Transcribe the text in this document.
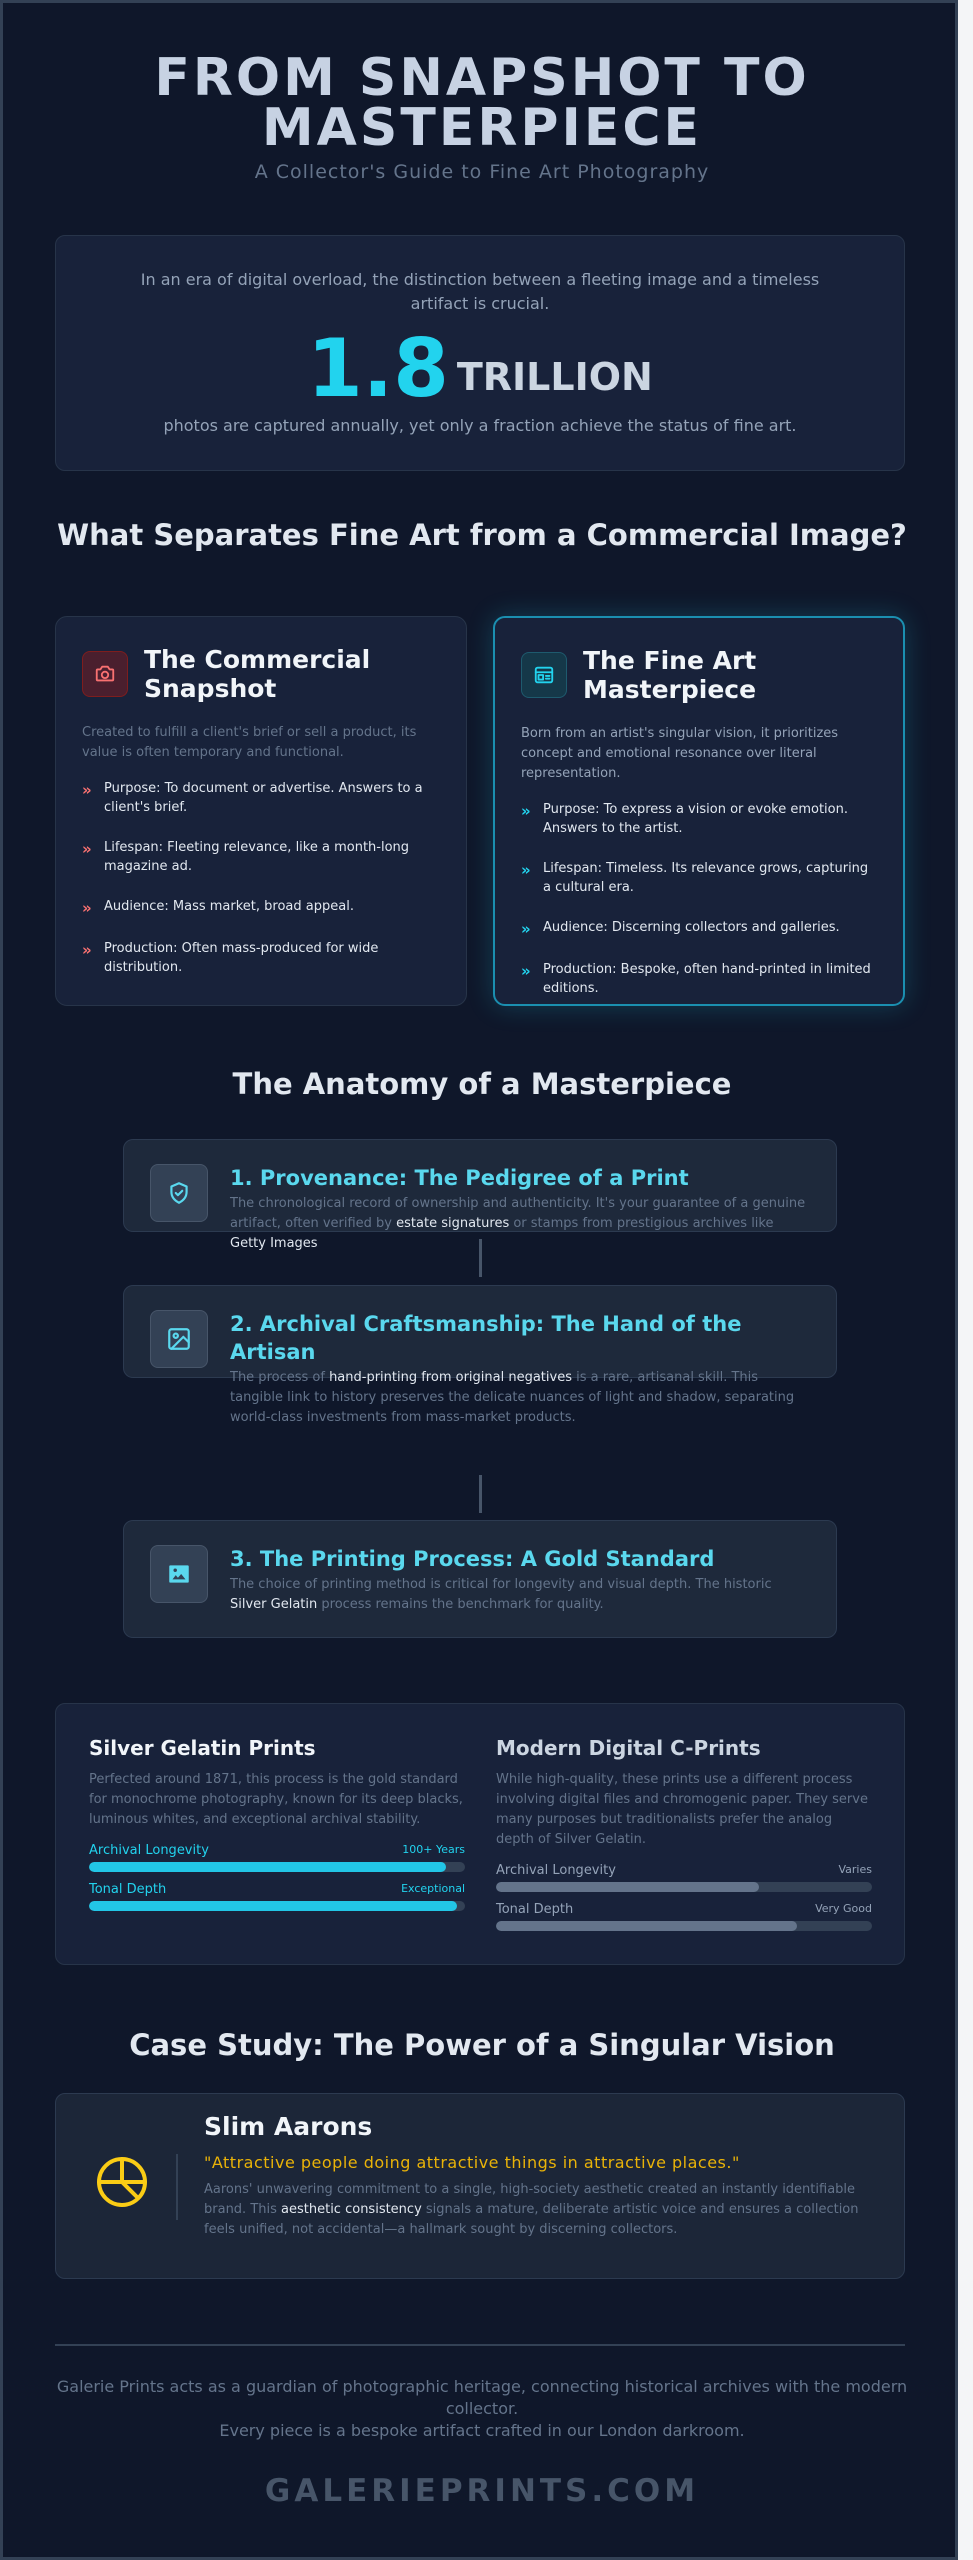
FROM SNAPSHOT TO
MASTERPIECE
A Collector's Guide to Fine Art Photography
In an era of digital overload, the distinction between a fleeting image and a timeless artifact is crucial.
1.8 TRILLION
photos are captured annually, yet only a fraction achieve the status of fine art.
What Separates Fine Art from a Commercial Image?
The Commercial Snapshot
Created to fulfill a client's brief or sell a product, its value is often temporary and functional.
» Purpose: To document or advertise. Answers to a client's brief.
» Lifespan: Fleeting relevance, like a month-long magazine ad.
» Audience: Mass market, broad appeal.
» Production: Often mass-produced for wide distribution.
The Fine Art Masterpiece
Born from an artist's singular vision, it prioritizes concept and emotional resonance over literal representation.
» Purpose: To express a vision or evoke emotion. Answers to the artist.
» Lifespan: Timeless. Its relevance grows, capturing a cultural era.
» Audience: Discerning collectors and galleries.
» Production: Bespoke, often hand-printed in limited editions.
The Anatomy of a Masterpiece
1. Provenance: The Pedigree of a Print
The chronological record of ownership and authenticity. It's your guarantee of a genuine artifact, often verified by estate signatures or stamps from prestigious archives like Getty Images
2. Archival Craftsmanship: The Hand of the Artisan
The process of hand-printing from original negatives is a rare, artisanal skill. This tangible link to history preserves the delicate nuances of light and shadow, separating world-class investments from mass-market products.
3. The Printing Process: A Gold Standard
The choice of printing method is critical for longevity and visual depth. The historic Silver Gelatin process remains the benchmark for quality.
Silver Gelatin Prints
Perfected around 1871, this process is the gold standard for monochrome photography, known for its deep blacks, luminous whites, and exceptional archival stability.
Archival Longevity	100+ Years
Tonal Depth	Exceptional
Modern Digital C-Prints
While high-quality, these prints use a different process involving digital files and chromogenic paper. They serve many purposes but traditionalists prefer the analog depth of Silver Gelatin.
Archival Longevity	Varies
Tonal Depth	Very Good
Case Study: The Power of a Singular Vision
Slim Aarons
"Attractive people doing attractive things in attractive places."
Aarons' unwavering commitment to a single, high-society aesthetic created an instantly identifiable brand. This aesthetic consistency signals a mature, deliberate artistic voice and ensures a collection feels unified, not accidental—a hallmark sought by discerning collectors.
Galerie Prints acts as a guardian of photographic heritage, connecting historical archives with the modern collector.
Every piece is a bespoke artifact crafted in our London darkroom.
GALERIEPRINTS.COM
